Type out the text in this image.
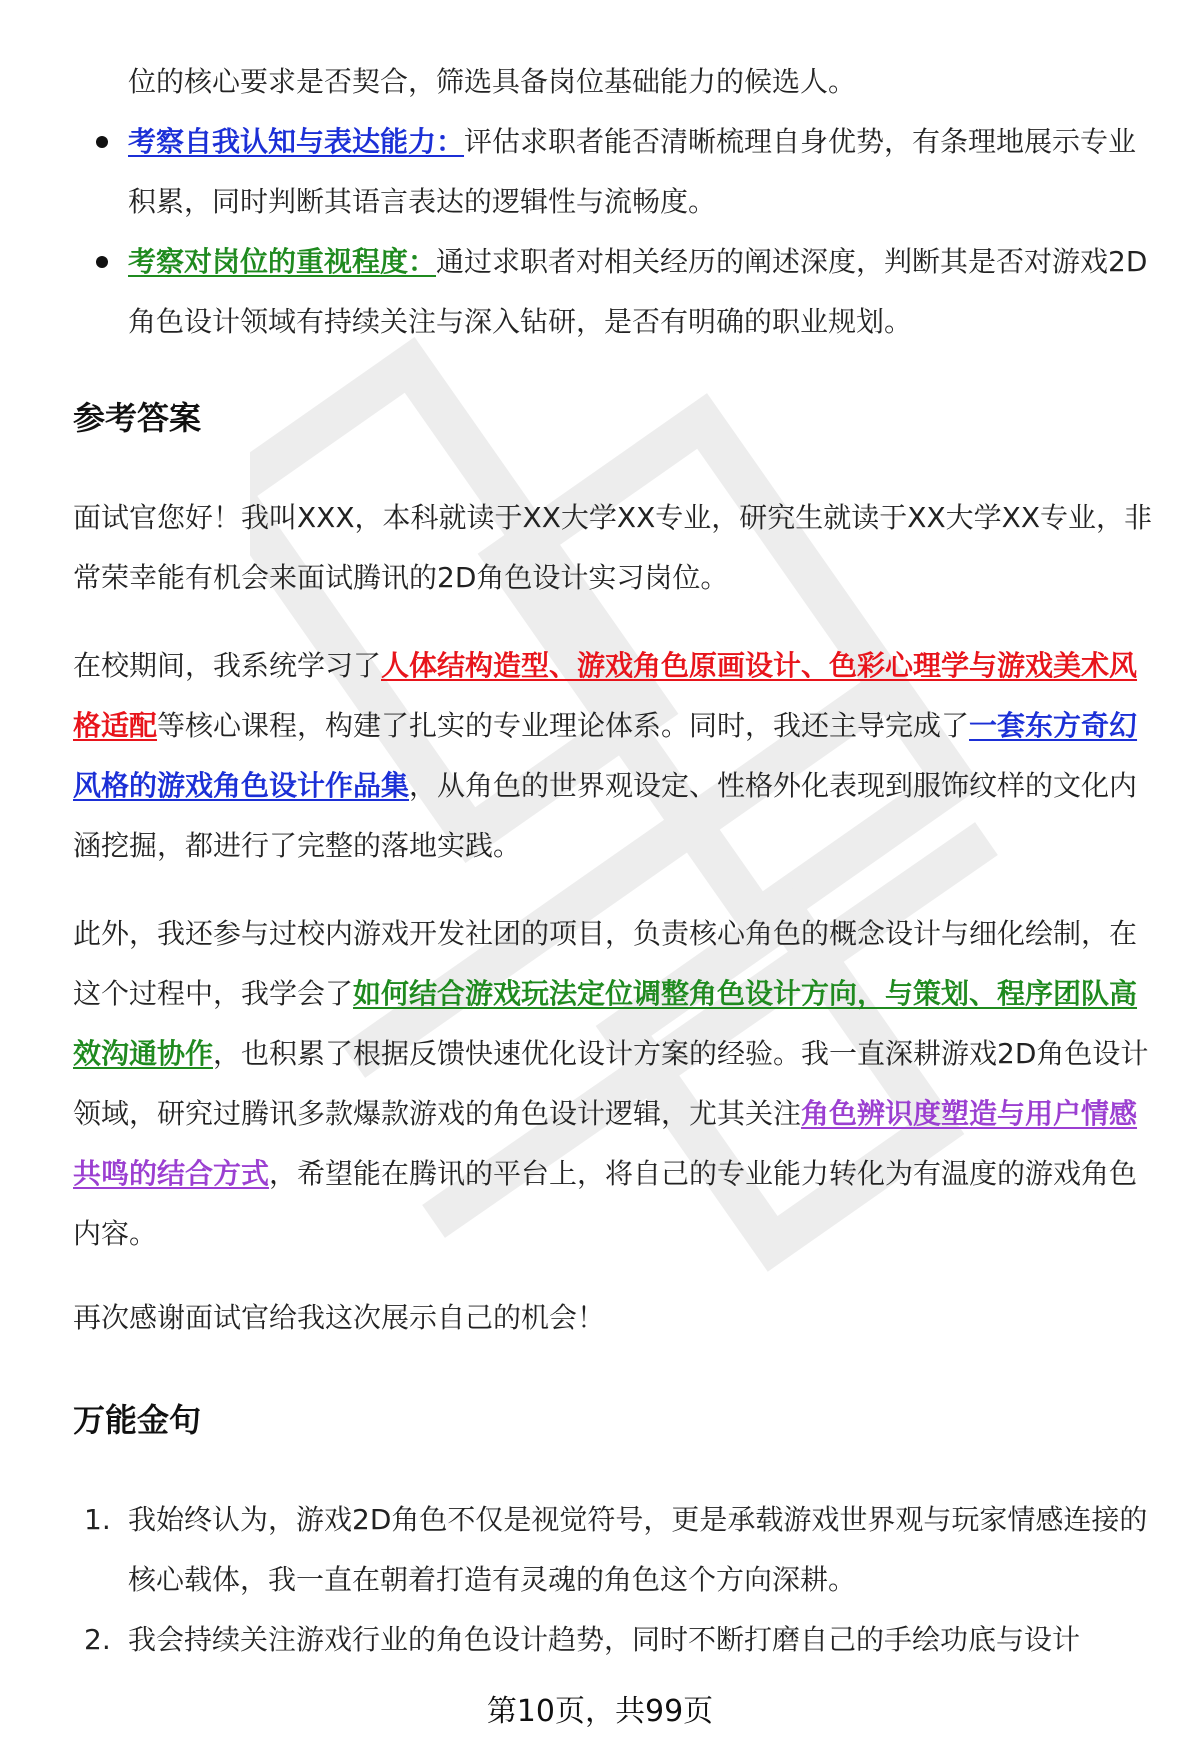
位的核心要求是否契合，筛选具备岗位基础能力的候选人。
考察自我认知与表达能力：评估求职者能否清晰梳理自身优势，有条理地展示专业积累，同时判断其语言表达的逻辑性与流畅度。
考察对岗位的重视程度：通过求职者对相关经历的阐述深度，判断其是否对游戏2D角色设计领域有持续关注与深入钻研，是否有明确的职业规划。
参考答案

面试官您好！我叫XXX，本科就读于XX大学XX专业，研究生就读于XX大学XX专业，非常荣幸能有机会来面试腾讯的2D角色设计实习岗位。

在校期间，我系统学习了人体结构造型、游戏角色原画设计、色彩心理学与游戏美术风格适配等核心课程，构建了扎实的专业理论体系。同时，我还主导完成了一套东方奇幻风格的游戏角色设计作品集，从角色的世界观设定、性格外化表现到服饰纹样的文化内涵挖掘，都进行了完整的落地实践。

此外，我还参与过校内游戏开发社团的项目，负责核心角色的概念设计与细化绘制，在这个过程中，我学会了如何结合游戏玩法定位调整角色设计方向，与策划、程序团队高效沟通协作，也积累了根据反馈快速优化设计方案的经验。我一直深耕游戏2D角色设计领域，研究过腾讯多款爆款游戏的角色设计逻辑，尤其关注角色辨识度塑造与用户情感共鸣的结合方式，希望能在腾讯的平台上，将自己的专业能力转化为有温度的游戏角色内容。

再次感谢面试官给我这次展示自己的机会！

万能金句
1. 我始终认为，游戏2D角色不仅是视觉符号，更是承载游戏世界观与玩家情感连接的核心载体，我一直在朝着打造有灵魂的角色这个方向深耕。
2. 我会持续关注游戏行业的角色设计趋势，同时不断打磨自己的手绘功底与设计
第10页，共99页
